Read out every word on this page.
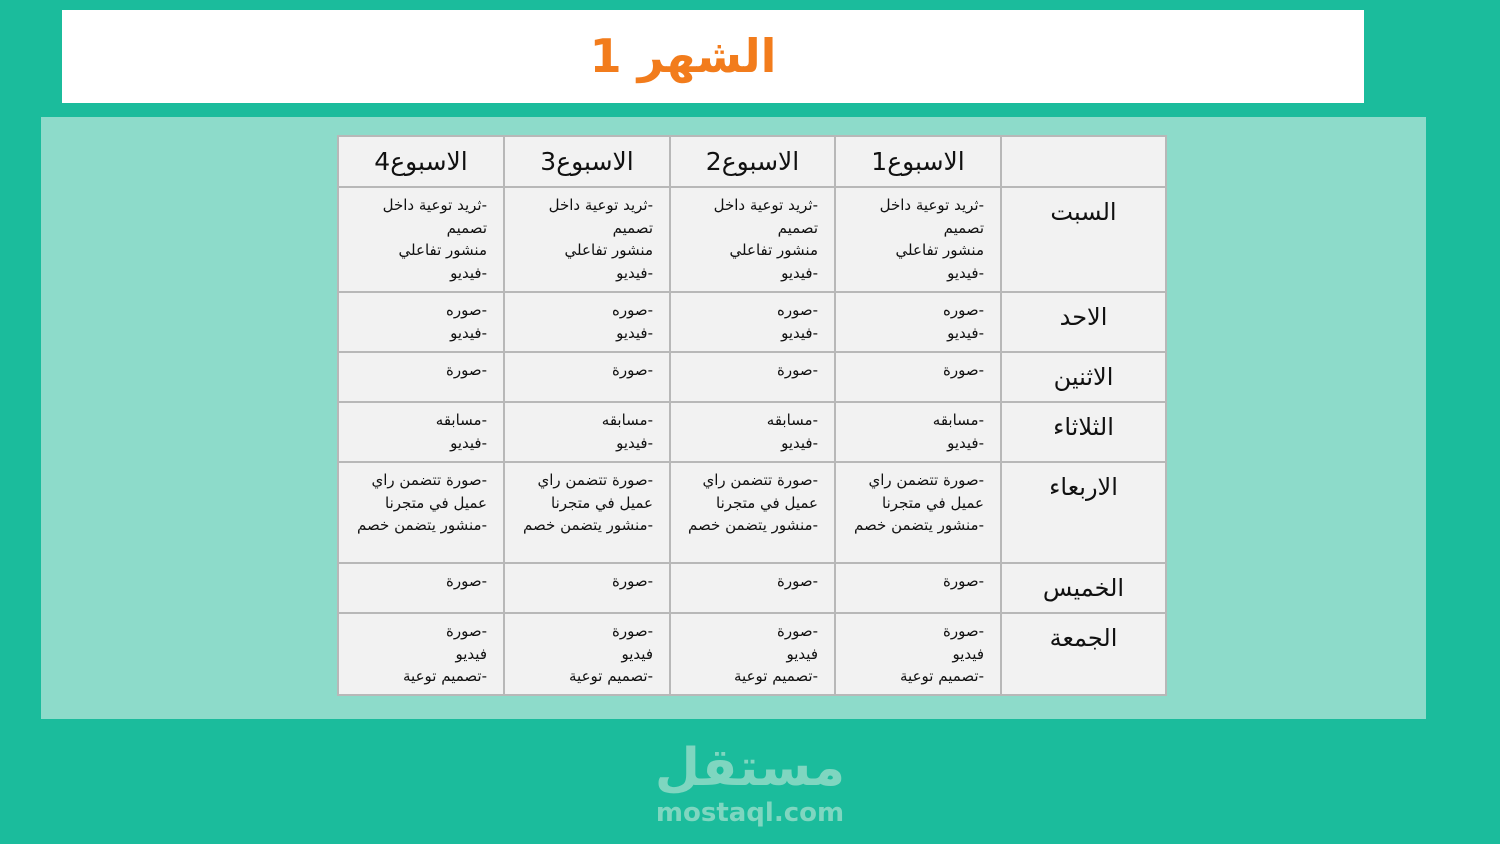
الشهر 1
	الاسبوع1	الاسبوع2	الاسبوع3	الاسبوع4
السبت	-ثريد توعية داخل
تصميم
منشور تفاعلي
-فيديو	-ثريد توعية داخل
تصميم
منشور تفاعلي
-فيديو	-ثريد توعية داخل
تصميم
منشور تفاعلي
-فيديو	-ثريد توعية داخل
تصميم
منشور تفاعلي
-فيديو

الاحد	-صوره
-فيديو	-صوره
-فيديو	-صوره
-فيديو	-صوره
-فيديو

الاثنين	-صورة	-صورة	-صورة	-صورة

الثلاثاء	-مسابقه
-فيديو	-مسابقه
-فيديو	-مسابقه
-فيديو	-مسابقه
-فيديو

الاربعاء	-صورة تتضمن راي
عميل في متجرنا
-منشور يتضمن خصم	-صورة تتضمن راي
عميل في متجرنا
-منشور يتضمن خصم	-صورة تتضمن راي
عميل في متجرنا
-منشور يتضمن خصم	-صورة تتضمن راي
عميل في متجرنا
-منشور يتضمن خصم

الخميس	-صورة	-صورة	-صورة	-صورة

الجمعة	-صورة
فيديو
-تصميم توعية	-صورة
فيديو
-تصميم توعية	-صورة
فيديو
-تصميم توعية	-صورة
فيديو
-تصميم توعية
مستقل
mostaql.com
